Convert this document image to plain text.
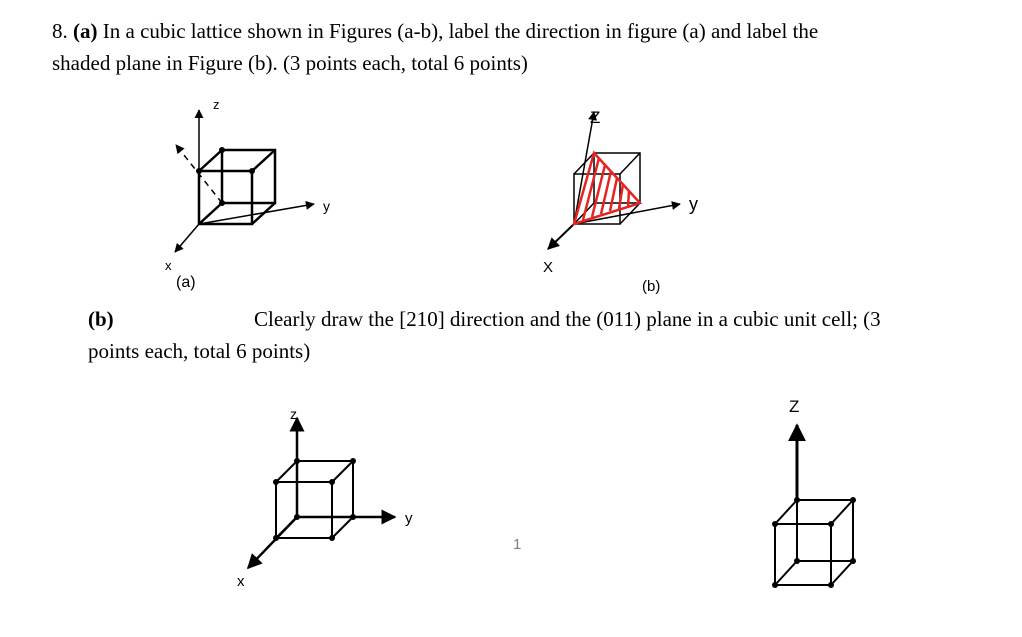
8. (a) In a cubic lattice shown in Figures (a-b), label the direction in figure (a) and label the
shaded plane in Figure (b). (3 points each, total 6 points)
(b)	Clearly draw the [210] direction and the (011) plane in a cubic unit cell; (3
points each, total 6 points)
z
y
x
(a)
Z
y
X
(b)
z
y
x
1
Z
